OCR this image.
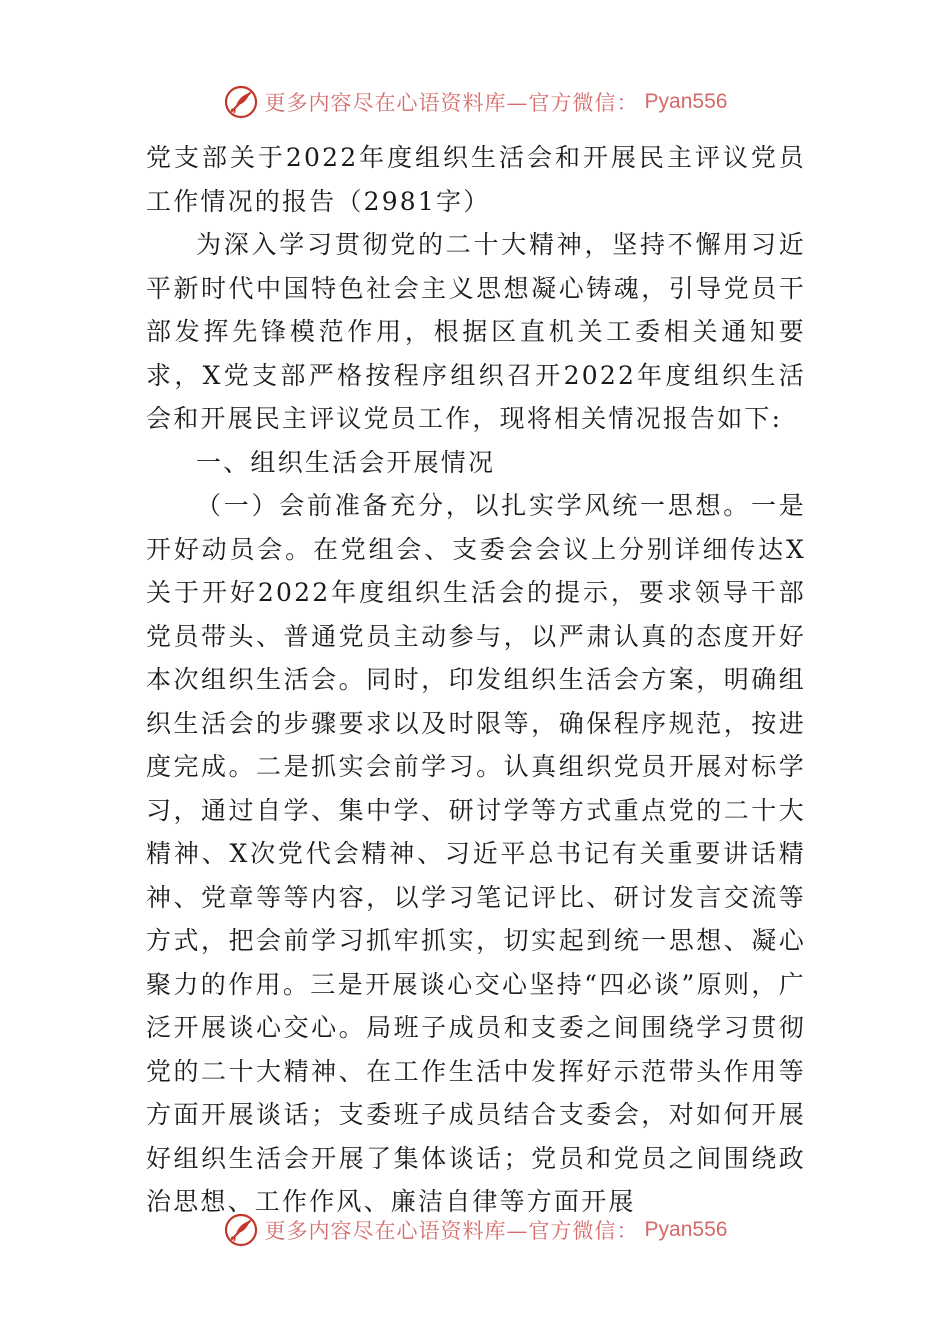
更多内容尽在心语资料库—官方微信： Pyan556

党支部关于2022年度组织生活会和开展民主评议党员工作情况的报告（2981字）

为深入学习贯彻党的二十大精神，坚持不懈用习近平新时代中国特色社会主义思想凝心铸魂，引导党员干部发挥先锋模范作用，根据区直机关工委相关通知要求，X党支部严格按程序组织召开2022年度组织生活会和开展民主评议党员工作，现将相关情况报告如下:

一、组织生活会开展情况

（一）会前准备充分，以扎实学风统一思想。一是开好动员会。在党组会、支委会会议上分别详细传达X关于开好2022年度组织生活会的提示，要求领导干部党员带头、普通党员主动参与，以严肃认真的态度开好本次组织生活会。同时，印发组织生活会方案，明确组织生活会的步骤要求以及时限等，确保程序规范，按进度完成。二是抓实会前学习。认真组织党员开展对标学习，通过自学、集中学、研讨学等方式重点党的二十大精神、X次党代会精神、习近平总书记有关重要讲话精神、党章等等内容，以学习笔记评比、研讨发言交流等方式，把会前学习抓牢抓实，切实起到统一思想、凝心聚力的作用。三是开展谈心交心坚持“四必谈”原则，广泛开展谈心交心。局班子成员和支委之间围绕学习贯彻党的二十大精神、在工作生活中发挥好示范带头作用等方面开展谈话；支委班子成员结合支委会，对如何开展好组织生活会开展了集体谈话；党员和党员之间围绕政治思想、工作作风、廉洁自律等方面开展

更多内容尽在心语资料库—官方微信： Pyan556
